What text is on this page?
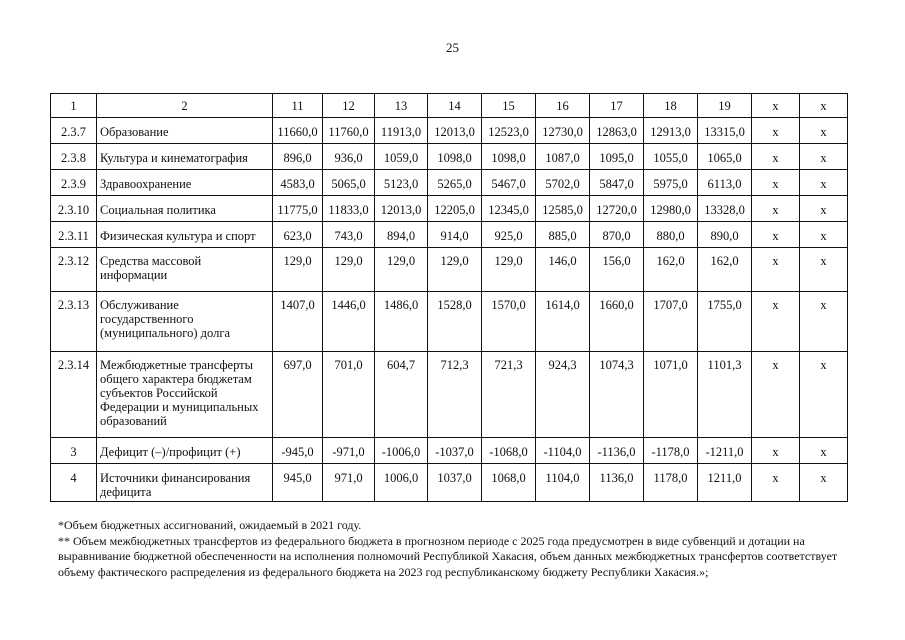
25
1	2	11	12	13	14	15	16	17	18	19	x	x
2.3.7	Образование	11660,0	11760,0	11913,0	12013,0	12523,0	12730,0	12863,0	12913,0	13315,0	x	x
2.3.8	Культура и кинематография	896,0	936,0	1059,0	1098,0	1098,0	1087,0	1095,0	1055,0	1065,0	x	x
2.3.9	Здравоохранение	4583,0	5065,0	5123,0	5265,0	5467,0	5702,0	5847,0	5975,0	6113,0	x	x
2.3.10	Социальная политика	11775,0	11833,0	12013,0	12205,0	12345,0	12585,0	12720,0	12980,0	13328,0	x	x
2.3.11	Физическая культура и спорт	623,0	743,0	894,0	914,0	925,0	885,0	870,0	880,0	890,0	x	x
2.3.12	Средства массовой информации	129,0	129,0	129,0	129,0	129,0	146,0	156,0	162,0	162,0	x	x
2.3.13	Обслуживание государственного (муниципального) долга	1407,0	1446,0	1486,0	1528,0	1570,0	1614,0	1660,0	1707,0	1755,0	x	x
2.3.14	Межбюджетные трансферты общего характера бюджетам субъектов Российской Федерации и муниципальных образований	697,0	701,0	604,7	712,3	721,3	924,3	1074,3	1071,0	1101,3	x	x
3	Дефицит (–)/профицит (+)	-945,0	-971,0	-1006,0	-1037,0	-1068,0	-1104,0	-1136,0	-1178,0	-1211,0	x	x
4	Источники финансирования дефицита	945,0	971,0	1006,0	1037,0	1068,0	1104,0	1136,0	1178,0	1211,0	x	x

*Объем бюджетных ассигнований, ожидаемый в 2021 году.

** Объем межбюджетных трансфертов из федерального бюджета в прогнозном периоде с 2025 года предусмотрен в виде субвенций и дотации на выравнивание бюджетной обеспеченности на исполнения полномочий Республикой Хакасия, объем данных межбюджетных трансфертов соответствует объему фактического распределения из федерального бюджета на 2023 год республиканскому бюджету Республики Хакасия.»;
